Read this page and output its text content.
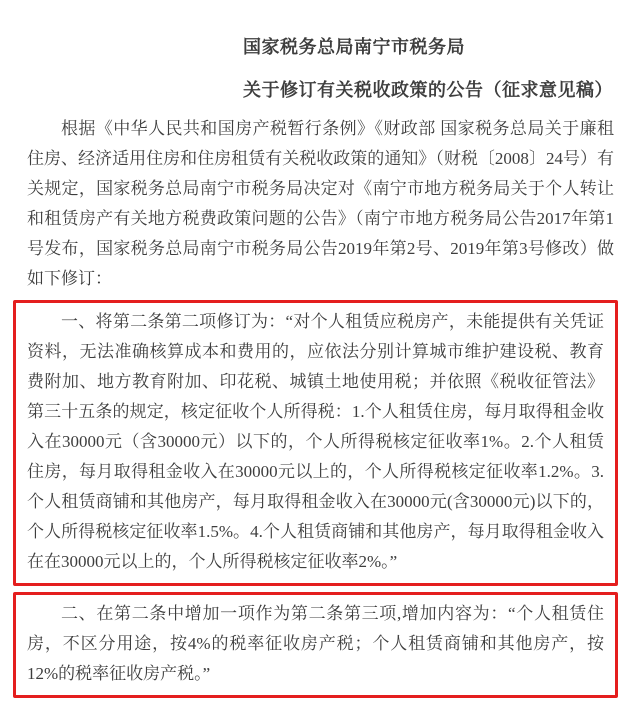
国家税务总局南宁市税务局
关于修订有关税收政策的公告（征求意见稿）

根据《中华人民共和国房产税暂行条例》《财政部 国家税务总局关于廉租住房、经济适用住房和住房租赁有关税收政策的通知》（财税〔2008〕24号）有关规定，国家税务总局南宁市税务局决定对《南宁市地方税务局关于个人转让和租赁房产有关地方税费政策问题的公告》（南宁市地方税务局公告2017年第1号发布，国家税务总局南宁市税务局公告2019年第2号、2019年第3号修改）做如下修订：

一、将第二条第二项修订为：“对个人租赁应税房产，未能提供有关凭证资料，无法准确核算成本和费用的，应依法分别计算城市维护建设税、教育费附加、地方教育附加、印花税、城镇土地使用税；并依照《税收征管法》第三十五条的规定，核定征收个人所得税：1.个人租赁住房，每月取得租金收入在30000元（含30000元）以下的，个人所得税核定征收率1%。2.个人租赁住房，每月取得租金收入在30000元以上的，个人所得税核定征收率1.2%。3.个人租赁商铺和其他房产，每月取得租金收入在30000元(含30000元)以下的，个人所得税核定征收率1.5%。4.个人租赁商铺和其他房产，每月取得租金收入在在30000元以上的，个人所得税核定征收率2%。”

二、在第二条中增加一项作为第二条第三项,增加内容为：“个人租赁住房，不区分用途，按4%的税率征收房产税；个人租赁商铺和其他房产，按12%的税率征收房产税。”
